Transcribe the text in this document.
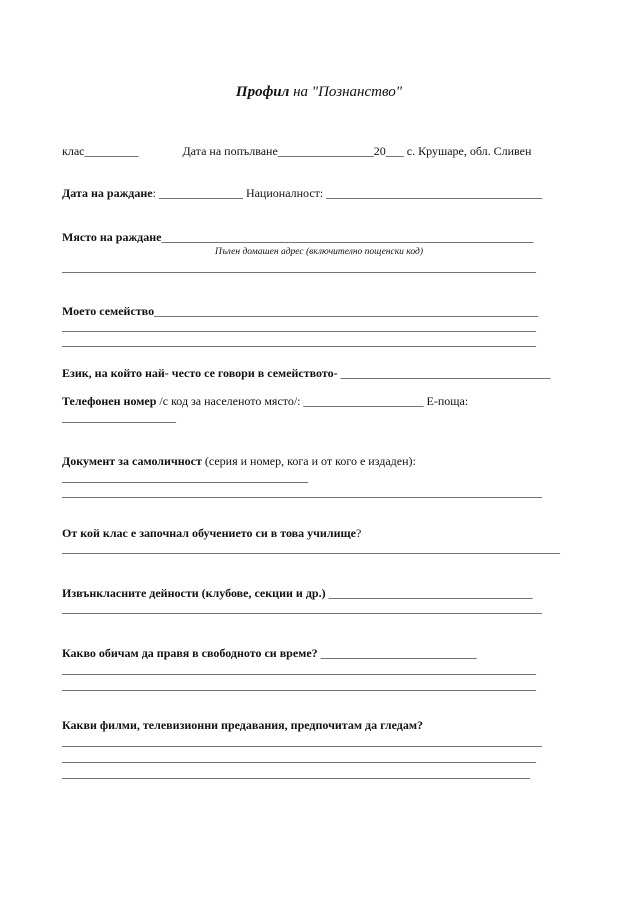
Профил на "Познанство"
клас_________	Дата на попълване________________20___ с. Крушаре, обл. Сливен
Дата на раждане: ______________ Националност: ____________________________________
Място на раждане______________________________________________________________
Пълен домашен адрес (включително пощенски код)
_______________________________________________________________________________
Моето семейство________________________________________________________________
_______________________________________________________________________________
_______________________________________________________________________________
Език, на който най- често се говори в семейството- ___________________________________
Телефонен номер /с код за населеното място/: ____________________ Е-поща:
___________________
Документ за самоличност (серия и номер, кога и от кого е издаден):
_________________________________________
________________________________________________________________________________
От кой клас е започнал обучението си в това училище?
___________________________________________________________________________________
Извънкласните дейности (клубове, секции и др.) __________________________________
________________________________________________________________________________
Какво обичам да правя в свободното си време? __________________________
_______________________________________________________________________________
_______________________________________________________________________________
Какви филми, телевизионни предавания, предпочитам да гледам?
________________________________________________________________________________
_______________________________________________________________________________
______________________________________________________________________________
